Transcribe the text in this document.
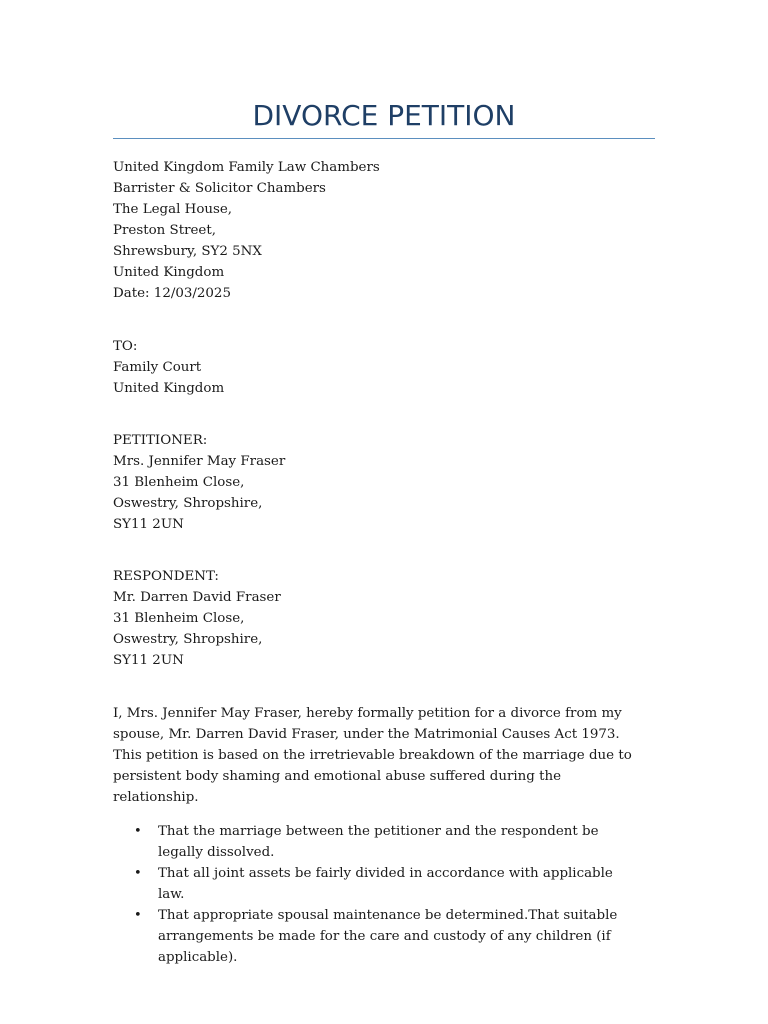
DIVORCE PETITION
United Kingdom Family Law Chambers
Barrister & Solicitor Chambers
The Legal House,
Preston Street,
Shrewsbury, SY2 5NX
United Kingdom
Date: 12/03/2025
TO:
Family Court
United Kingdom
PETITIONER:
Mrs. Jennifer May Fraser
31 Blenheim Close,
Oswestry, Shropshire,
SY11 2UN
RESPONDENT:
Mr. Darren David Fraser
31 Blenheim Close,
Oswestry, Shropshire,
SY11 2UN

I, Mrs. Jennifer May Fraser, hereby formally petition for a divorce from my spouse, Mr. Darren David Fraser, under the Matrimonial Causes Act 1973. This petition is based on the irretrievable breakdown of the marriage due to persistent body shaming and emotional abuse suffered during the relationship.

• That the marriage between the petitioner and the respondent be legally dissolved.
• That all joint assets be fairly divided in accordance with applicable law.
• That appropriate spousal maintenance be determined.That suitable arrangements be made for the care and custody of any children (if applicable).
